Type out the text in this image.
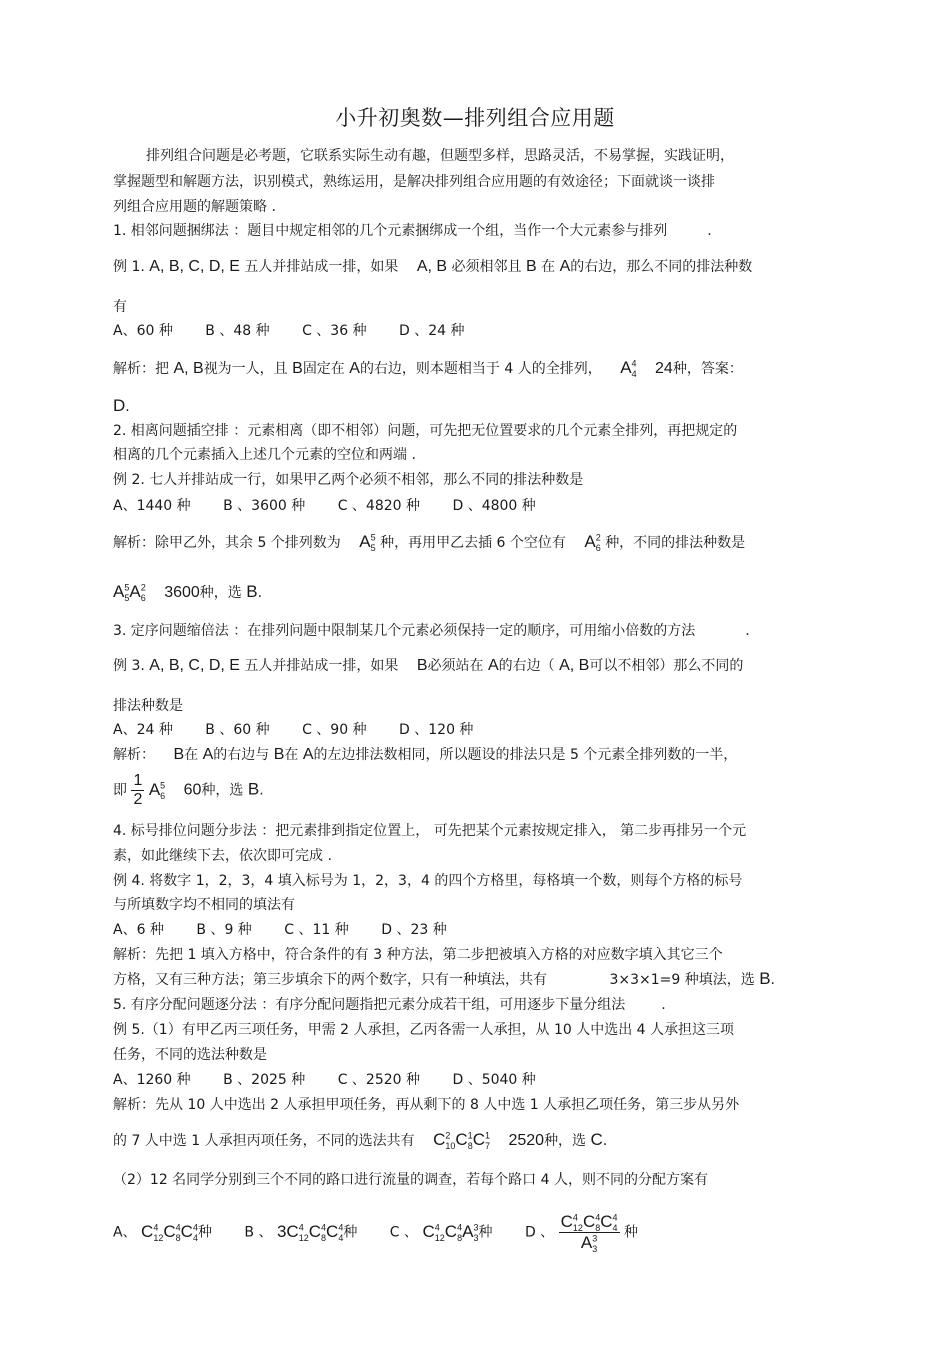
小升初奥数—排列组合应用题
排列组合问题是必考题，它联系实际生动有趣，但题型多样，思路灵活，不易掌握，实践证明，
掌握题型和解题方法，识别模式，熟练运用，是解决排列组合应用题的有效途径；下面就谈一谈排
列组合应用题的解题策略 .
1. 相邻问题捆绑法 ：题目中规定相邻的几个元素捆绑成一个组，当作一个大元素参与排列	.
例 1. A, B, C, D, E 五人并排站成一排，如果 A, B 必须相邻且 B 在 A的右边，那么不同的排法种数
有
A、60 种 B 、48 种 C 、36 种 D 、24 种
解析：把 A, B视为一人，且 B固定在 A的右边，则本题相当于 4 人的全排列， $A^4_4$ 24种，答案：
D.
2. 相离问题插空排 ：元素相离（即不相邻）问题，可先把无位置要求的几个元素全排列，再把规定的
相离的几个元素插入上述几个元素的空位和两端 .
例 2. 七人并排站成一行，如果甲乙两个必须不相邻，那么不同的排法种数是
A、1440 种 B 、3600 种 C 、4820 种 D 、4800 种
解析：除甲乙外，其余 5 个排列数为 $A^5_5$ 种，再用甲乙去插 6 个空位有 $A^2_6$ 种，不同的排法种数是
$A^5_5A^2_6$ 3600种，选 B.
3. 定序问题缩倍法 ：在排列问题中限制某几个元素必须保持一定的顺序，可用缩小倍数的方法	.
例 3. A, B, C, D, E 五人并排站成一排，如果 B必须站在 A的右边（ A, B可以不相邻）那么不同的
排法种数是
A、24 种 B 、60 种 C 、90 种 D 、120 种
解析： B在 A的右边与 B在 A的左边排法数相同，所以题设的排法只是 5 个元素全排列数的一半，
即 $\frac{1}{2} A^5_6$ 60种，选 B.
4. 标号排位问题分步法 ：把元素排到指定位置上， 可先把某个元素按规定排入， 第二步再排另一个元
素，如此继续下去，依次即可完成 .
例 4. 将数字 1，2，3，4 填入标号为 1，2，3，4 的四个方格里，每格填一个数，则每个方格的标号
与所填数字均不相同的填法有
A、6 种 B 、9 种 C 、11 种 D 、23 种
解析：先把 1 填入方格中，符合条件的有 3 种方法，第二步把被填入方格的对应数字填入其它三个
方格，又有三种方法；第三步填余下的两个数字，只有一种填法，共有	3×3×1=9 种填法，选 B.
5. 有序分配问题逐分法 ：有序分配问题指把元素分成若干组，可用逐步下量分组法	.
例 5.（1）有甲乙丙三项任务，甲需 2 人承担，乙丙各需一人承担，从 10 人中选出 4 人承担这三项
任务，不同的选法种数是
A、1260 种 B 、2025 种 C 、2520 种 D 、5040 种
解析：先从 10 人中选出 2 人承担甲项任务，再从剩下的 8 人中选 1 人承担乙项任务，第三步从另外
的 7 人中选 1 人承担丙项任务，不同的选法共有 $C^2_{10}C^1_8C^1_7$ 2520种，选 C.
（2）12 名同学分别到三个不同的路口进行流量的调查，若每个路口 4 人，则不同的分配方案有
A、 $C^4_{12}C^4_8C^4_4$种 B 、 $3C^4_{12}C^4_8C^4_4$种 C 、 $C^4_{12}C^4_8A^3_3$种 D 、 $\frac{C^4_{12}C^4_8C^4_4}{A^3_3}$ 种
